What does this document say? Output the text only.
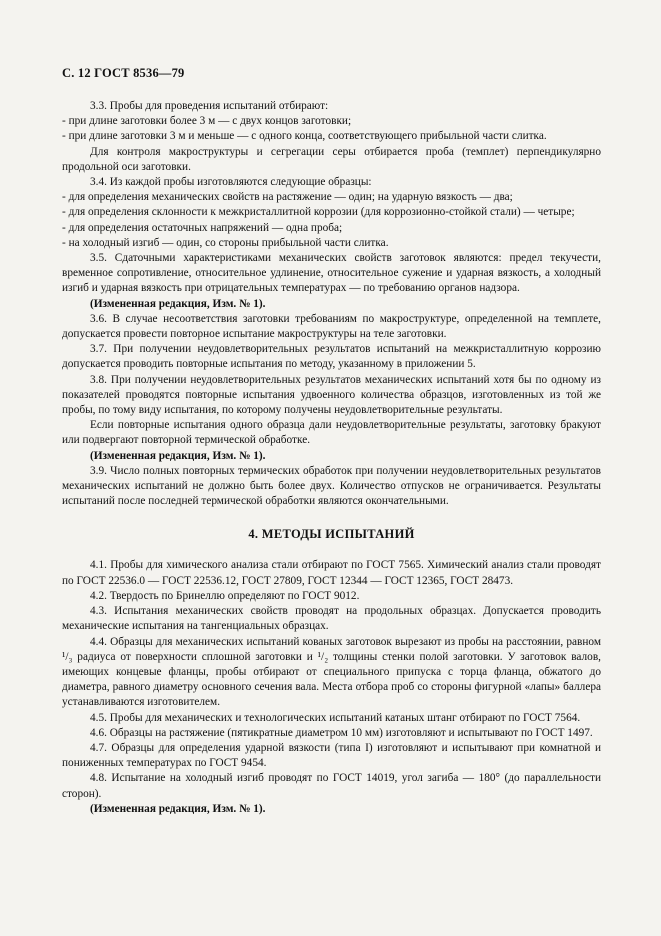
С. 12 ГОСТ 8536—79

3.3. Пробы для проведения испытаний отбирают:

- при длине заготовки более 3 м — с двух концов заготовки;

- при длине заготовки 3 м и меньше — с одного конца, соответствующего прибыльной части слитка.

Для контроля макроструктуры и сегрегации серы отбирается проба (темплет) перпендикулярно продольной оси заготовки.

3.4. Из каждой пробы изготовляются следующие образцы:

- для определения механических свойств на растяжение — один; на ударную вязкость — два;

- для определения склонности к межкристаллитной коррозии (для коррозионно-стойкой стали) — четыре;

- для определения остаточных напряжений — одна проба;

- на холодный изгиб — один, со стороны прибыльной части слитка.

3.5. Сдаточными характеристиками механических свойств заготовок являются: предел текучести, временное сопротивление, относительное удлинение, относительное сужение и ударная вязкость, а холодный изгиб и ударная вязкость при отрицательных температурах — по требованию органов надзора.

(Измененная редакция, Изм. № 1).

3.6. В случае несоответствия заготовки требованиям по макроструктуре, определенной на темплете, допускается провести повторное испытание макроструктуры на теле заготовки.

3.7. При получении неудовлетворительных результатов испытаний на межкристаллитную коррозию допускается проводить повторные испытания по методу, указанному в приложении 5.

3.8. При получении неудовлетворительных результатов механических испытаний хотя бы по одному из показателей проводятся повторные испытания удвоенного количества образцов, изготовленных из той же пробы, по тому виду испытания, по которому получены неудовлетворительные результаты.

Если повторные испытания одного образца дали неудовлетворительные результаты, заготовку бракуют или подвергают повторной термической обработке.

(Измененная редакция, Изм. № 1).

3.9. Число полных повторных термических обработок при получении неудовлетворительных результатов механических испытаний не должно быть более двух. Количество отпусков не ограничивается. Результаты испытаний после последней термической обработки являются окончательными.

4. МЕТОДЫ ИСПЫТАНИЙ

4.1. Пробы для химического анализа стали отбирают по ГОСТ 7565. Химический анализ стали проводят по ГОСТ 22536.0 — ГОСТ 22536.12, ГОСТ 27809, ГОСТ 12344 — ГОСТ 12365, ГОСТ 28473.

4.2. Твердость по Бринеллю определяют по ГОСТ 9012.

4.3. Испытания механических свойств проводят на продольных образцах. Допускается проводить механические испытания на тангенциальных образцах.

4.4. Образцы для механических испытаний кованых заготовок вырезают из пробы на расстоянии, равном ¹/₃ радиуса от поверхности сплошной заготовки и ¹/₂ толщины стенки полой заготовки. У заготовок валов, имеющих концевые фланцы, пробы отбирают от специального припуска с торца фланца, обжатого до диаметра, равного диаметру основного сечения вала. Места отбора проб со стороны фигурной «лапы» баллера устанавливаются изготовителем.

4.5. Пробы для механических и технологических испытаний катаных штанг отбирают по ГОСТ 7564.

4.6. Образцы на растяжение (пятикратные диаметром 10 мм) изготовляют и испытывают по ГОСТ 1497.

4.7. Образцы для определения ударной вязкости (типа I) изготовляют и испытывают при комнатной и пониженных температурах по ГОСТ 9454.

4.8. Испытание на холодный изгиб проводят по ГОСТ 14019, угол загиба — 180° (до параллельности сторон).

(Измененная редакция, Изм. № 1).
